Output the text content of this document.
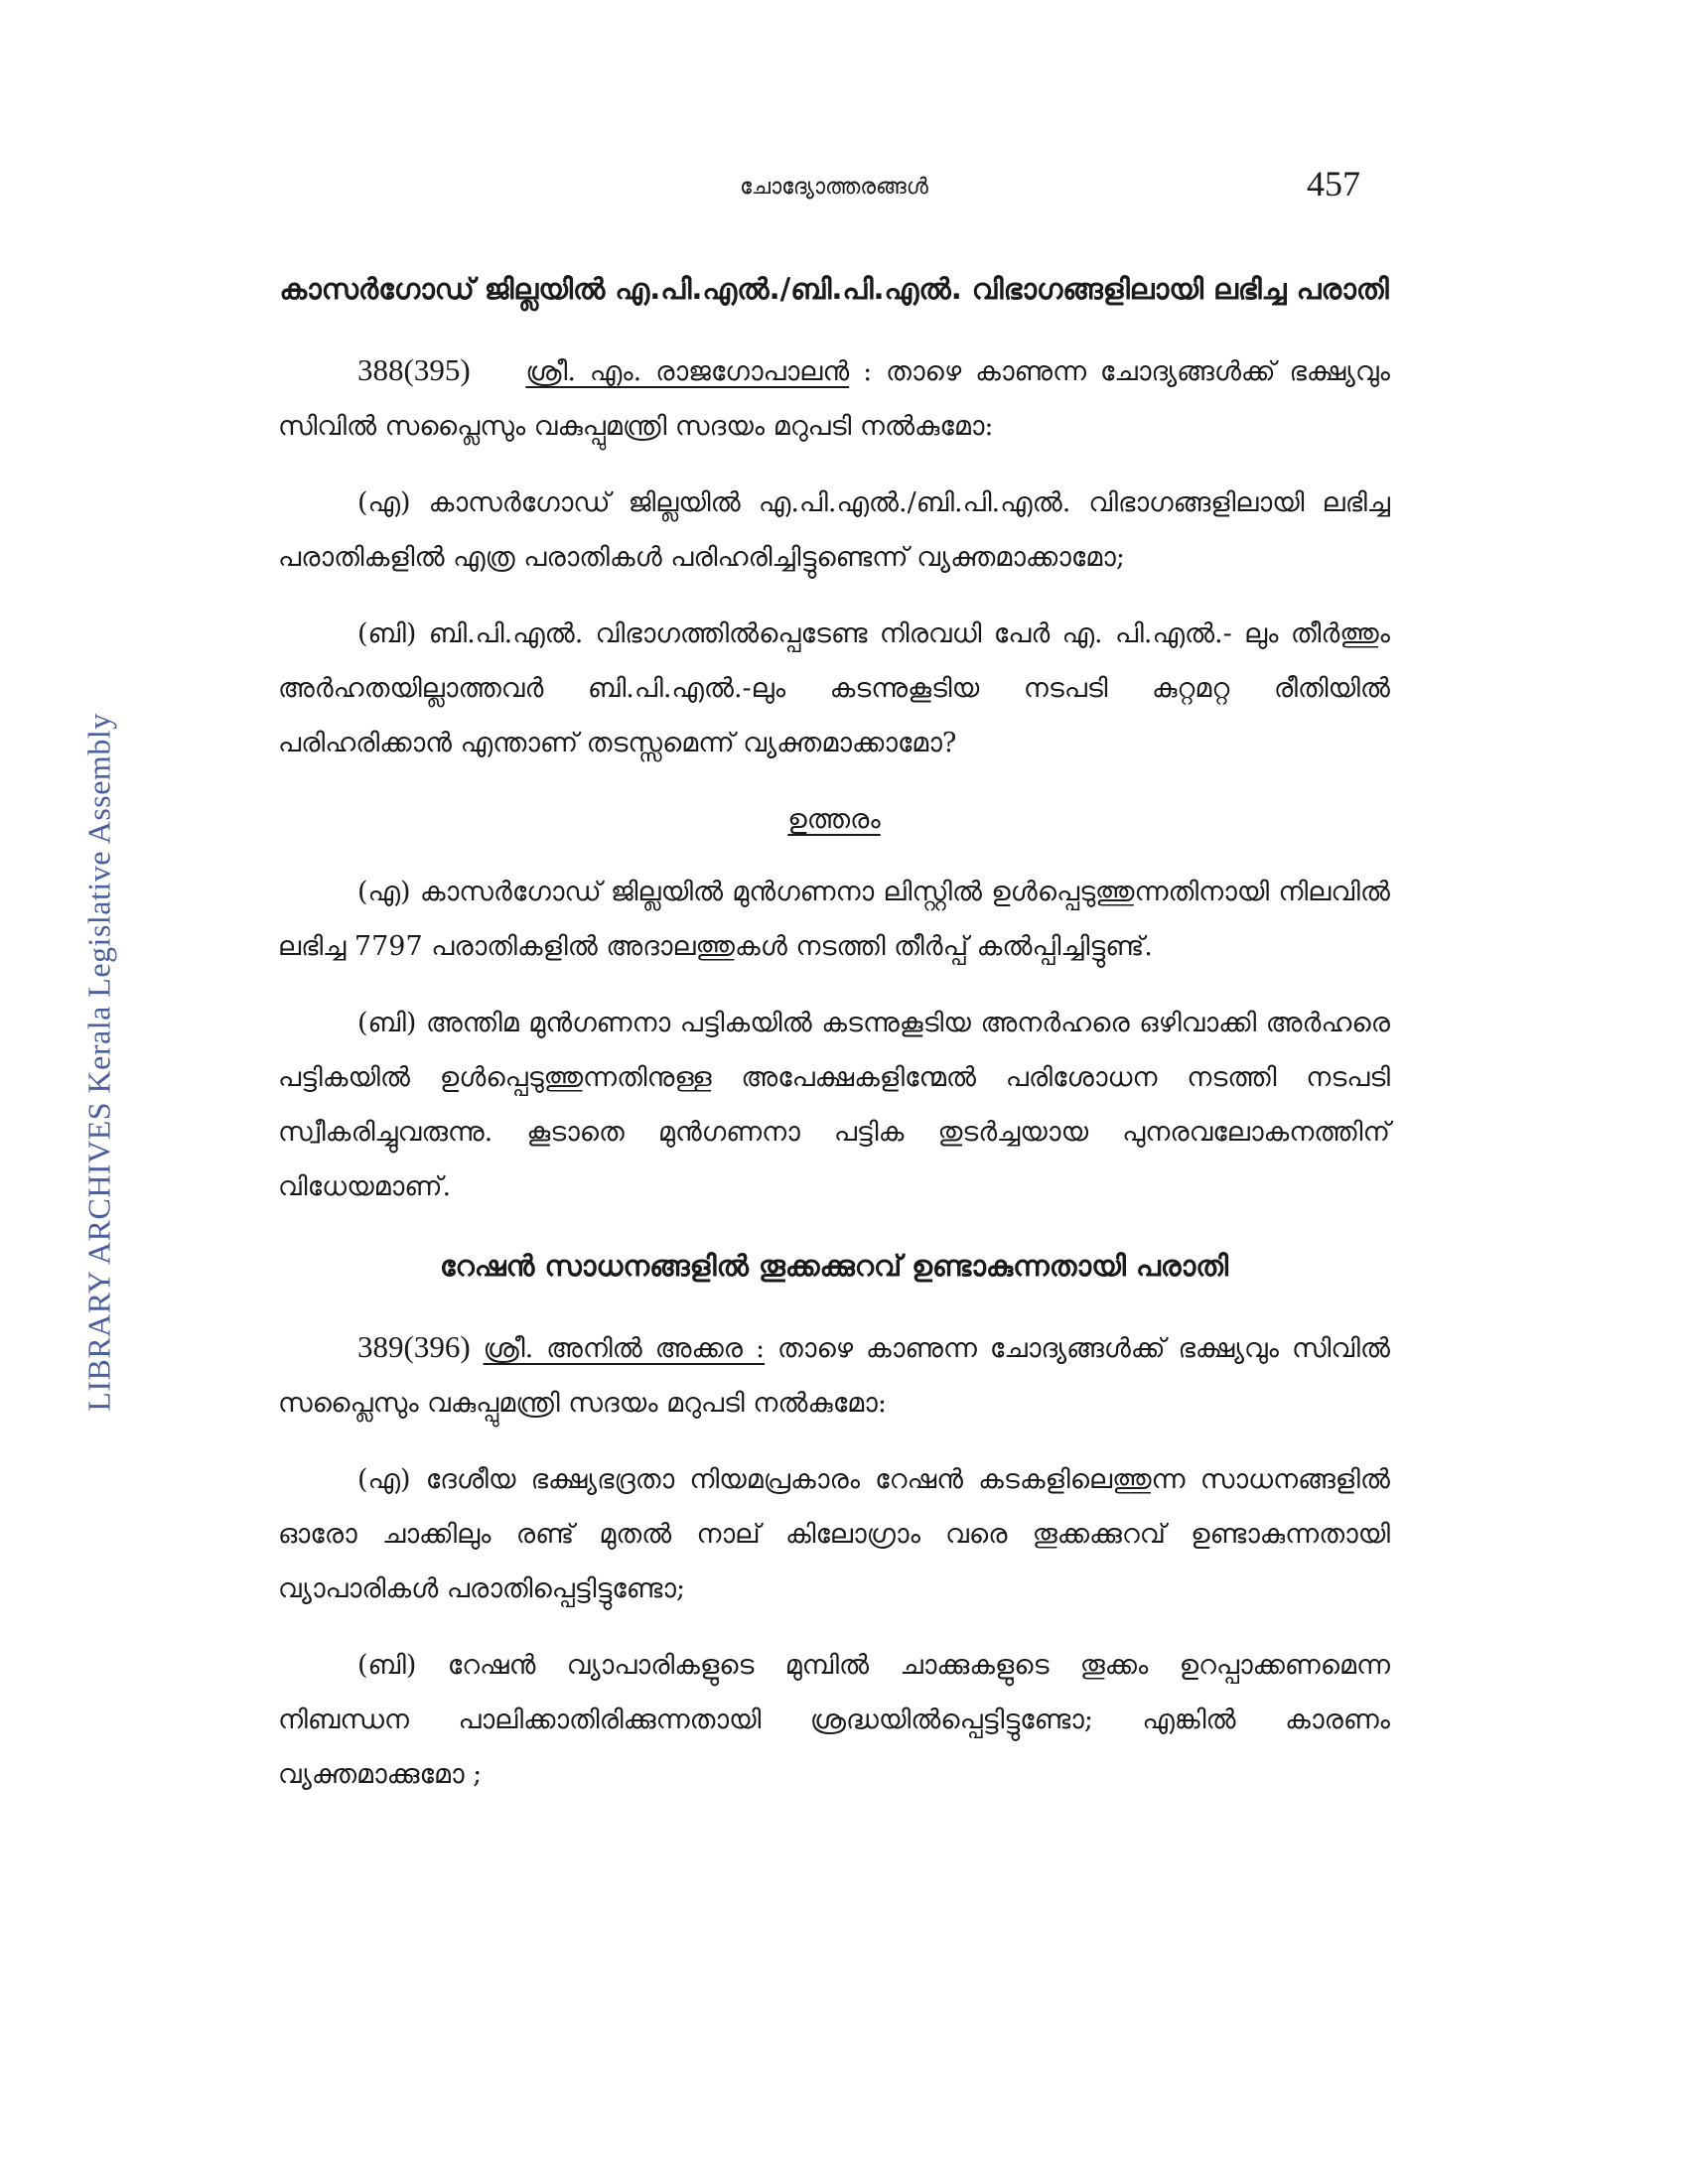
LIBRARY ARCHIVES Kerala Legislative Assembly
ചോദ്യോത്തരങ്ങൾ	457
കാസർഗോഡ് ജില്ലയിൽ എ.പി.എൽ./ബി.പി.എൽ. വിഭാഗങ്ങളിലായി ലഭിച്ച പരാതി

388(395) ശ്രീ. എം. രാജഗോപാലൻ : താഴെ കാണുന്ന ചോദ്യങ്ങൾക്ക് ഭക്ഷ്യവും സിവിൽ സപ്ലൈസും വകുപ്പുമന്ത്രി സദയം മറുപടി നൽകുമോ:

(എ) കാസർഗോഡ് ജില്ലയിൽ എ.പി.എൽ./ബി.പി.എൽ. വിഭാഗങ്ങളിലായി ലഭിച്ച പരാതികളിൽ എത്ര പരാതികൾ പരിഹരിച്ചിട്ടുണ്ടെന്ന് വ്യക്തമാക്കാമോ;

(ബി) ബി.പി.എൽ. വിഭാഗത്തിൽപ്പെടേണ്ട നിരവധി പേർ എ. പി.എൽ.- ലും തീർത്തും അർഹതയില്ലാത്തവർ ബി.പി.എൽ.-ലും കടന്നുകൂടിയ നടപടി കുറ്റമറ്റ രീതിയിൽ പരിഹരിക്കാൻ എന്താണ് തടസ്സമെന്ന് വ്യക്തമാക്കാമോ?

ഉത്തരം

(എ) കാസർഗോഡ് ജില്ലയിൽ മുൻഗണനാ ലിസ്റ്റിൽ ഉൾപ്പെടുത്തുന്നതിനായി നിലവിൽ ലഭിച്ച 7797 പരാതികളിൽ അദാലത്തുകൾ നടത്തി തീർപ്പ് കൽപ്പിച്ചിട്ടുണ്ട്.

(ബി) അന്തിമ മുൻഗണനാ പട്ടികയിൽ കടന്നുകൂടിയ അനർഹരെ ഒഴിവാക്കി അർഹരെ പട്ടികയിൽ ഉൾപ്പെടുത്തുന്നതിനുള്ള അപേക്ഷകളിന്മേൽ പരിശോധന നടത്തി നടപടി സ്വീകരിച്ചുവരുന്നു. കൂടാതെ മുൻഗണനാ പട്ടിക തുടർച്ചയായ പുനരവലോകനത്തിന് വിധേയമാണ്.

റേഷൻ സാധനങ്ങളിൽ തൂക്കക്കുറവ് ഉണ്ടാകുന്നതായി പരാതി

389(396) ശ്രീ. അനിൽ അക്കര : താഴെ കാണുന്ന ചോദ്യങ്ങൾക്ക് ഭക്ഷ്യവും സിവിൽ സപ്ലൈസും വകുപ്പുമന്ത്രി സദയം മറുപടി നൽകുമോ:

(എ) ദേശീയ ഭക്ഷ്യഭദ്രതാ നിയമപ്രകാരം റേഷൻ കടകളിലെത്തുന്ന സാധനങ്ങളിൽ ഓരോ ചാക്കിലും രണ്ട് മുതൽ നാല് കിലോഗ്രാം വരെ തൂക്കക്കുറവ് ഉണ്ടാകുന്നതായി വ്യാപാരികൾ പരാതിപ്പെട്ടിട്ടുണ്ടോ;

(ബി) റേഷൻ വ്യാപാരികളുടെ മുമ്പിൽ ചാക്കുകളുടെ തൂക്കം ഉറപ്പാക്കണമെന്ന നിബന്ധന പാലിക്കാതിരിക്കുന്നതായി ശ്രദ്ധയിൽപ്പെട്ടിട്ടുണ്ടോ; എങ്കിൽ കാരണം വ്യക്തമാക്കുമോ ;
